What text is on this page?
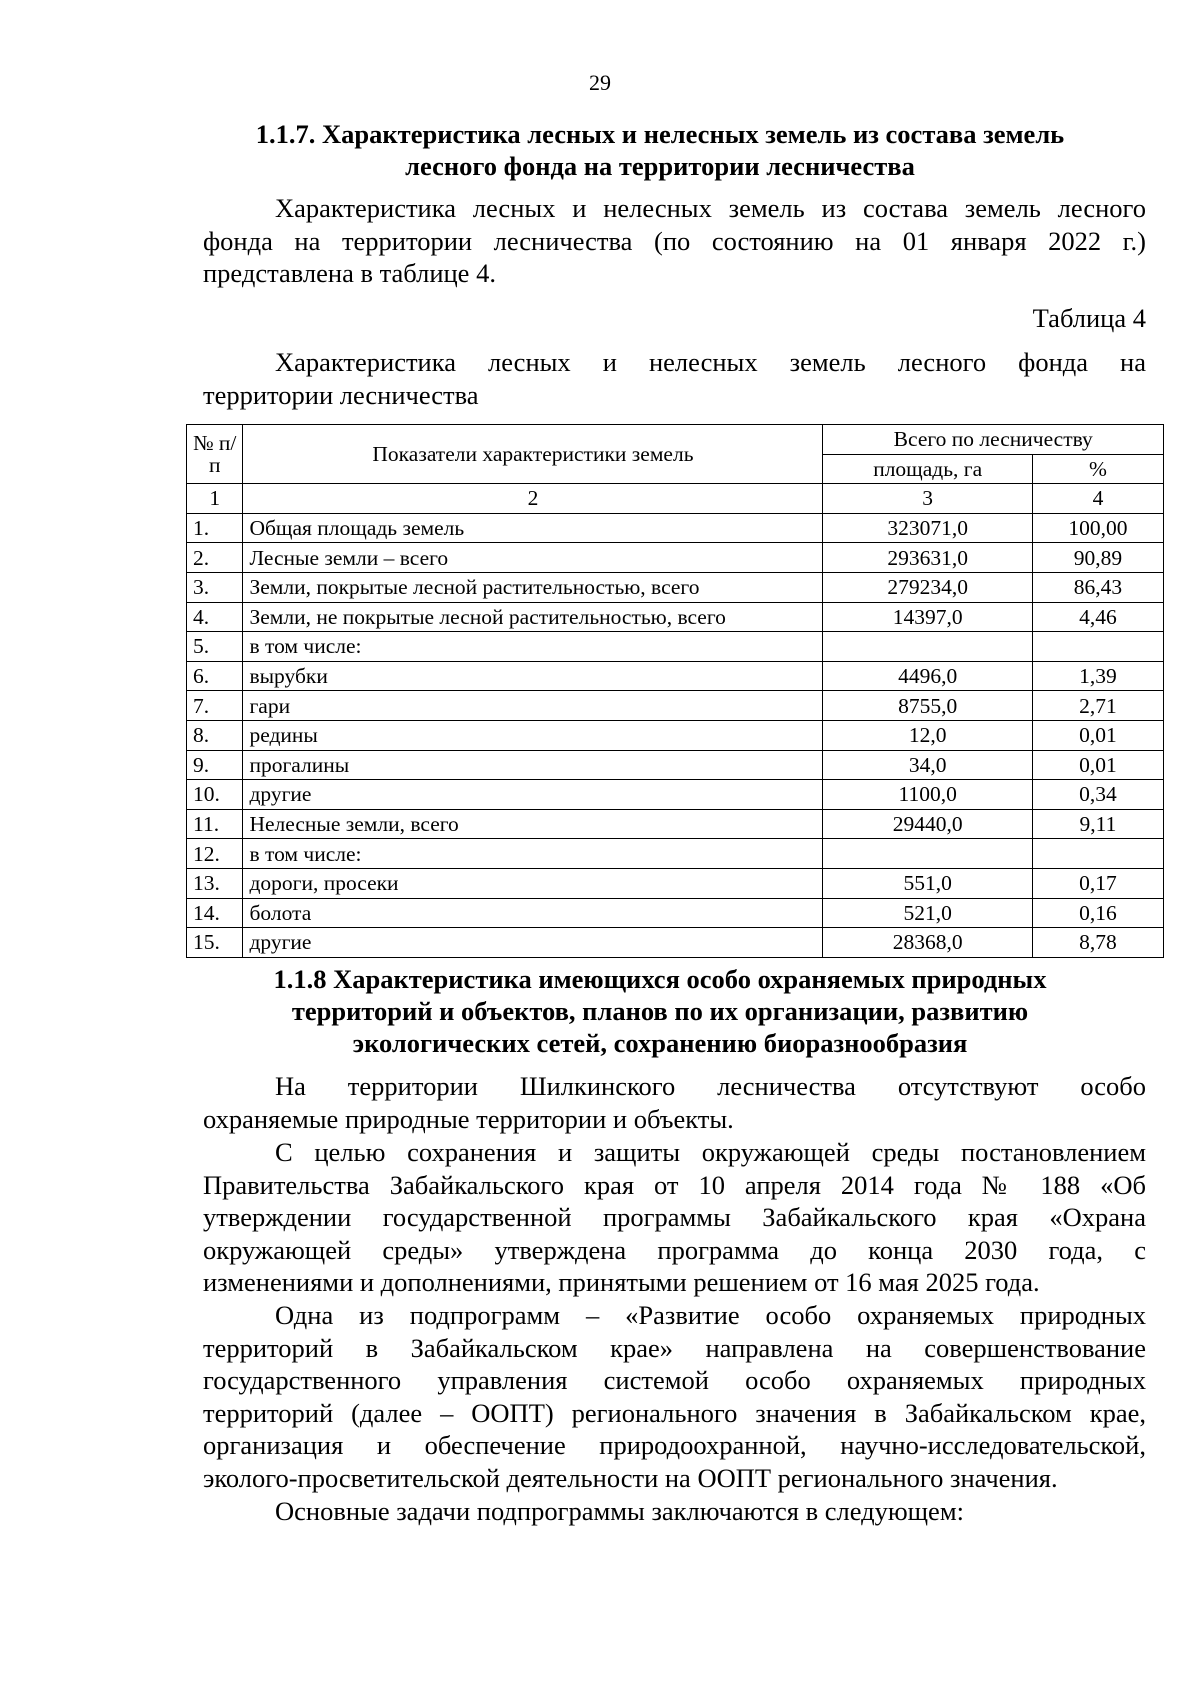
29
1.1.7. Характеристика лесных и нелесных земель из состава земель
лесного фонда на территории лесничества
Характеристика лесных и нелесных земель из состава земель лесного
фонда на территории лесничества (по состоянию на 01 января 2022 г.)
представлена в таблице 4.
Таблица 4
Характеристика лесных и нелесных земель лесного фонда на
территории лесничества
№ п/п	Показатели характеристики земель	Всего по лесничеству	
		площадь, га	%
1	2	3	4
1.	Общая площадь земель	323071,0	100,00
2.	Лесные земли – всего	293631,0	90,89
3.	Земли, покрытые лесной растительностью, всего	279234,0	86,43
4.	Земли, не покрытые лесной растительностью, всего	14397,0	4,46
5.	в том числе:		
6.	вырубки	4496,0	1,39
7.	гари	8755,0	2,71
8.	редины	12,0	0,01
9.	прогалины	34,0	0,01
10.	другие	1100,0	0,34
11.	Нелесные земли, всего	29440,0	9,11
12.	в том числе:		
13.	дороги, просеки	551,0	0,17
14.	болота	521,0	0,16
15.	другие	28368,0	8,78
1.1.8 Характеристика имеющихся особо охраняемых природных
территорий и объектов, планов по их организации, развитию
экологических сетей, сохранению биоразнообразия
На территории Шилкинского лесничества отсутствуют особо
охраняемые природные территории и объекты.
С целью сохранения и защиты окружающей среды постановлением
Правительства Забайкальского края от 10 апреля 2014 года № 188 «Об
утверждении государственной программы Забайкальского края «Охрана
окружающей среды» утверждена программа до конца 2030 года, с
изменениями и дополнениями, принятыми решением от 16 мая 2025 года.
Одна из подпрограмм – «Развитие особо охраняемых природных
территорий в Забайкальском крае» направлена на совершенствование
государственного управления системой особо охраняемых природных
территорий (далее – ООПТ) регионального значения в Забайкальском крае,
организация и обеспечение природоохранной, научно-исследовательской,
эколого-просветительской деятельности на ООПТ регионального значения.
Основные задачи подпрограммы заключаются в следующем:
